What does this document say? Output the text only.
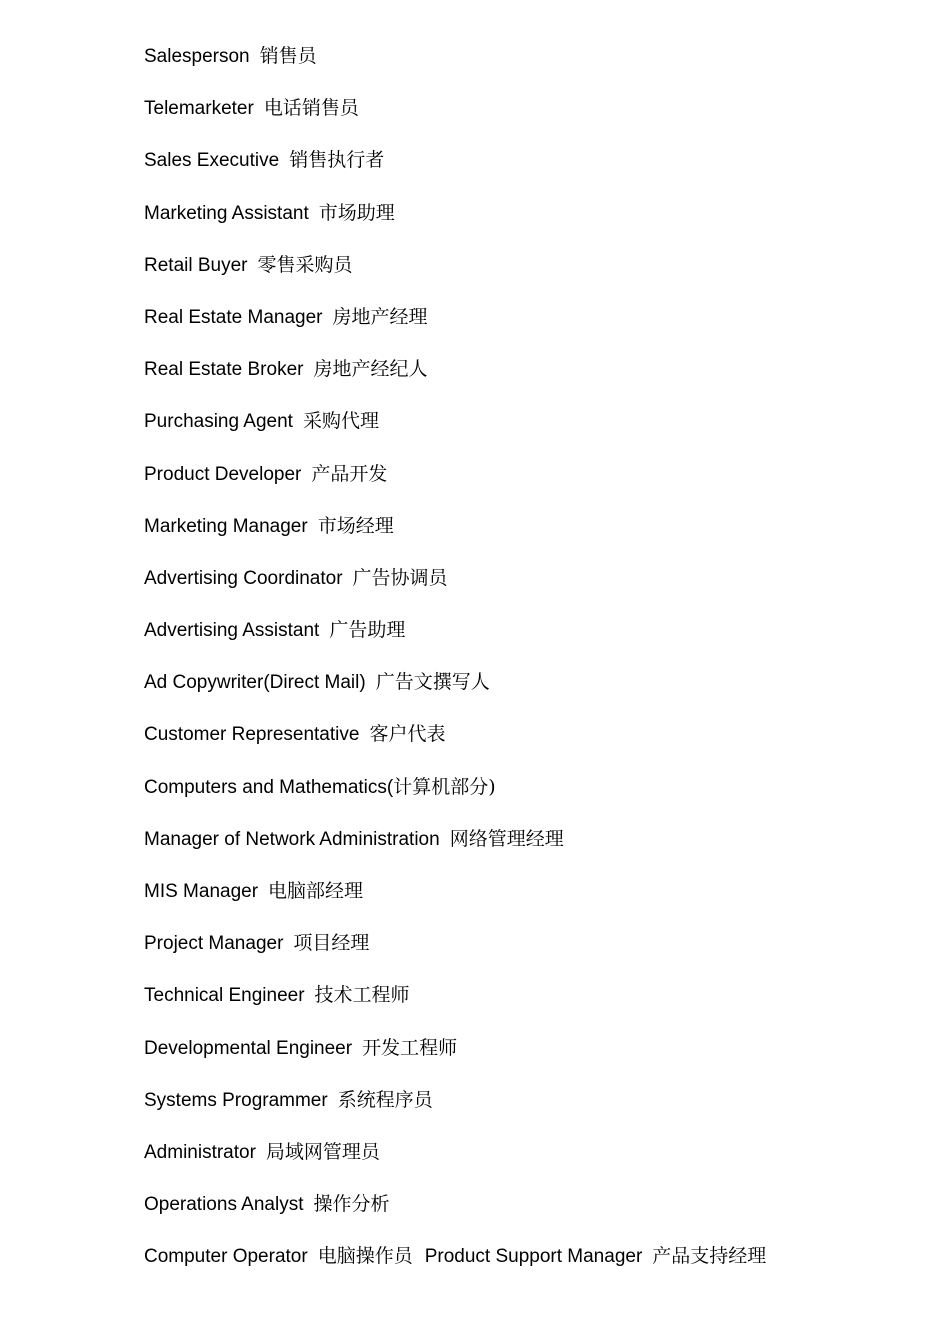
Salesperson 销售员
Telemarketer 电话销售员
Sales Executive 销售执行者
Marketing Assistant 市场助理
Retail Buyer 零售采购员
Real Estate Manager 房地产经理
Real Estate Broker 房地产经纪人
Purchasing Agent 采购代理
Product Developer 产品开发
Marketing Manager 市场经理
Advertising Coordinator 广告协调员
Advertising Assistant 广告助理
Ad Copywriter(Direct Mail) 广告文撰写人
Customer Representative 客户代表
Computers and Mathematics(计算机部分)
Manager of Network Administration 网络管理经理
MIS Manager 电脑部经理
Project Manager 项目经理
Technical Engineer 技术工程师
Developmental Engineer 开发工程师
Systems Programmer 系统程序员
Administrator 局域网管理员
Operations Analyst 操作分析
Computer Operator 电脑操作员 Product Support Manager 产品支持经理
